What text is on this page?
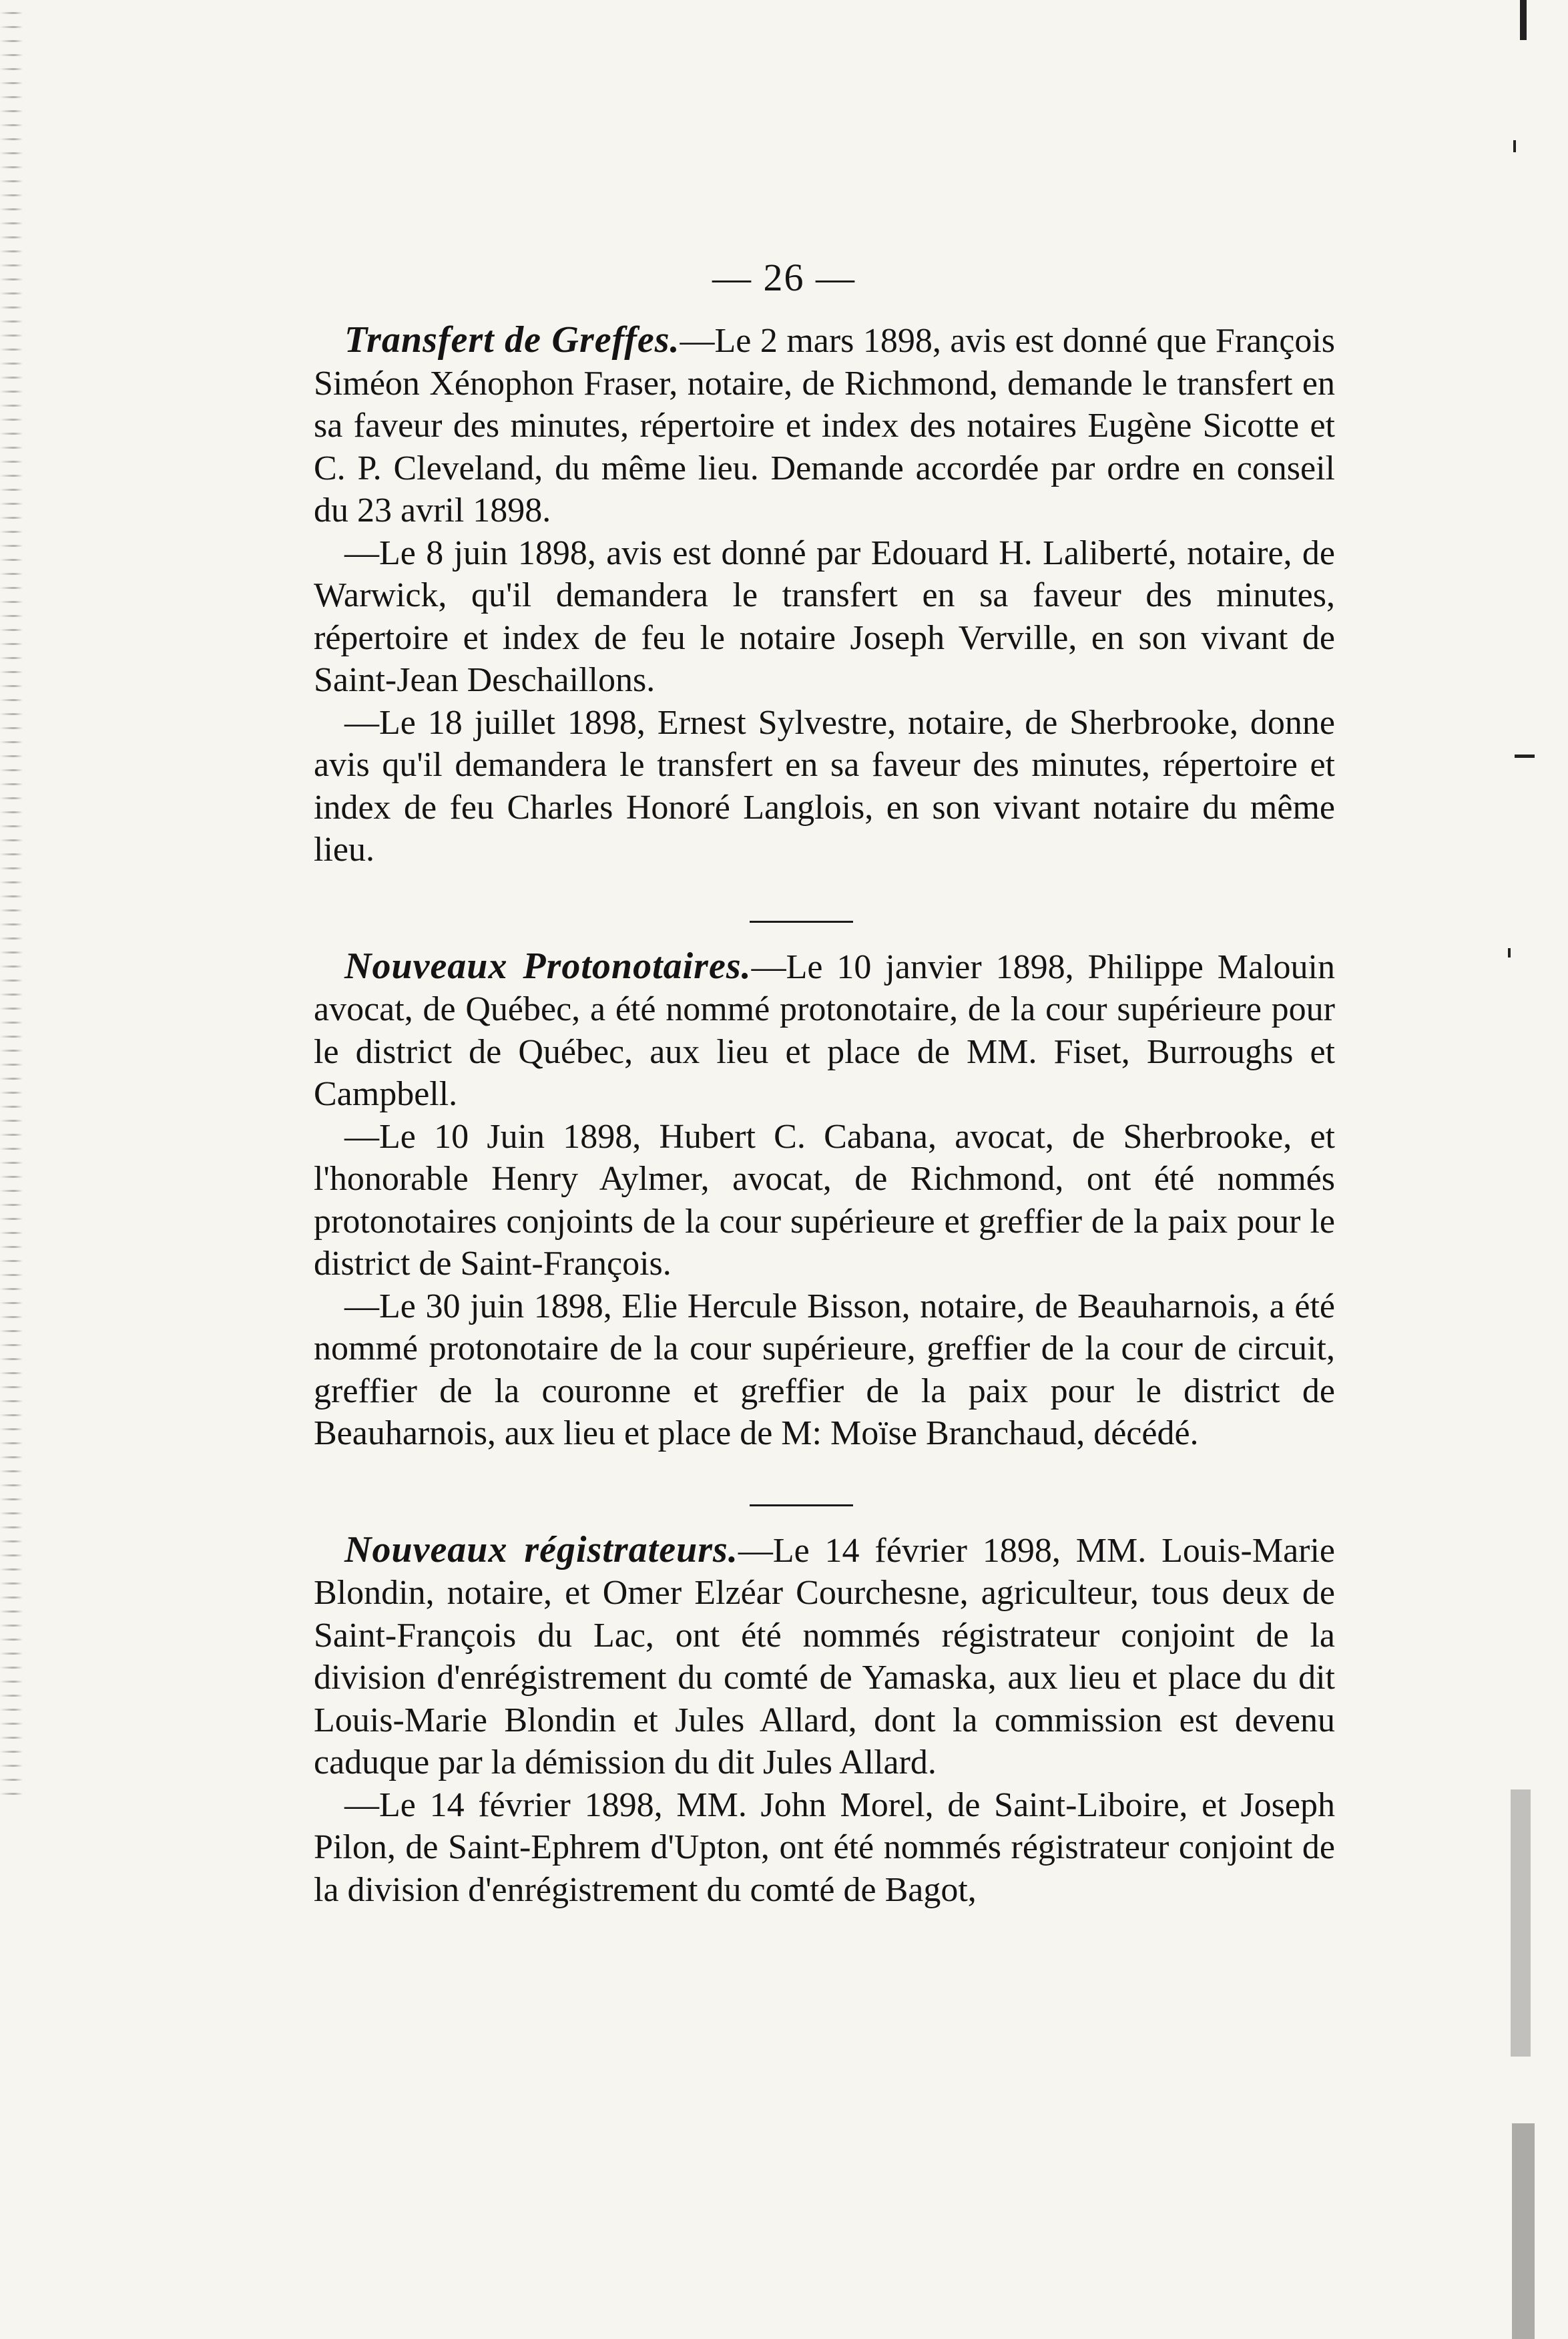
— 26 —

Transfert de Greffes.—Le 2 mars 1898, avis est donné que François Siméon Xénophon Fraser, notaire, de Richmond, demande le transfert en sa faveur des minutes, répertoire et index des notaires Eugène Sicotte et C. P. Cleveland, du même lieu. Demande accordée par ordre en conseil du 23 avril 1898.

—Le 8 juin 1898, avis est donné par Edouard H. Laliberté, notaire, de Warwick, qu'il demandera le transfert en sa faveur des minutes, répertoire et index de feu le notaire Joseph Verville, en son vivant de Saint-Jean Deschaillons.

—Le 18 juillet 1898, Ernest Sylvestre, notaire, de Sherbrooke, donne avis qu'il demandera le transfert en sa faveur des minutes, répertoire et index de feu Charles Honoré Langlois, en son vivant notaire du même lieu.

Nouveaux Protonotaires.—Le 10 janvier 1898, Philippe Malouin avocat, de Québec, a été nommé protonotaire, de la cour supérieure pour le district de Québec, aux lieu et place de MM. Fiset, Burroughs et Campbell.

—Le 10 Juin 1898, Hubert C. Cabana, avocat, de Sherbrooke, et l'honorable Henry Aylmer, avocat, de Richmond, ont été nommés protonotaires conjoints de la cour supérieure et greffier de la paix pour le district de Saint-François.

—Le 30 juin 1898, Elie Hercule Bisson, notaire, de Beauharnois, a été nommé protonotaire de la cour supérieure, greffier de la cour de circuit, greffier de la couronne et greffier de la paix pour le district de Beauharnois, aux lieu et place de M: Moïse Branchaud, décédé.

Nouveaux régistrateurs.—Le 14 février 1898, MM. Louis-Marie Blondin, notaire, et Omer Elzéar Courchesne, agriculteur, tous deux de Saint-François du Lac, ont été nommés régistrateur conjoint de la division d'enrégistrement du comté de Yamaska, aux lieu et place du dit Louis-Marie Blondin et Jules Allard, dont la commission est devenu caduque par la démission du dit Jules Allard.

—Le 14 février 1898, MM. John Morel, de Saint-Liboire, et Joseph Pilon, de Saint-Ephrem d'Upton, ont été nommés régistrateur conjoint de la division d'enrégistrement du comté de Bagot,
